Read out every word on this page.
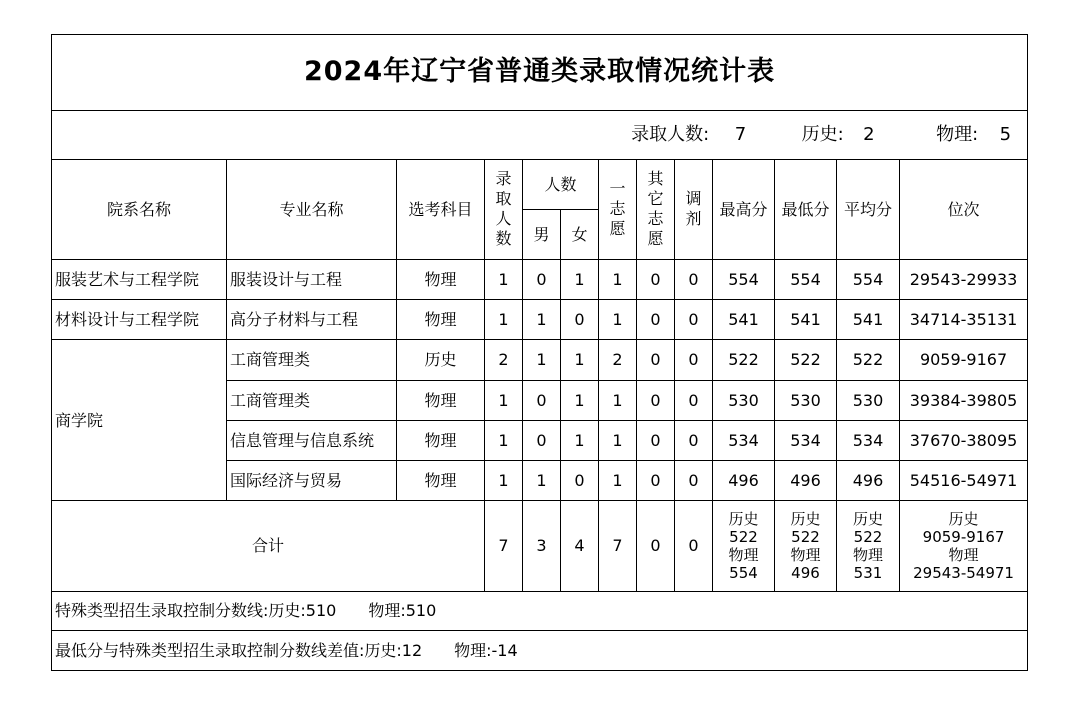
2024年辽宁省普通类录取情况统计表												
录取人数: 7 历史: 2 物理: 5												
院系名称	专业名称	选考科目	录
取
人
数	人数		一
志
愿	其
它
志
愿	调
剂	最高分	最低分	平均分	位次
				男	女							
服装艺术与工程学院	服装设计与工程	物理	1	0	1	1	0	0	554	554	554	29543-29933
材料设计与工程学院	高分子材料与工程	物理	1	1	0	1	0	0	541	541	541	34714-35131
商学院	工商管理类	历史	2	1	1	2	0	0	522	522	522	9059-9167
	工商管理类	物理	1	0	1	1	0	0	530	530	530	39384-39805
	信息管理与信息系统	物理	1	0	1	1	0	0	534	534	534	37670-38095
	国际经济与贸易	物理	1	1	0	1	0	0	496	496	496	54516-54971
合计			7	3	4	7	0	0	历史
522
物理
554	历史
522
物理
496	历史
522
物理
531	历史
9059-9167
物理
29543-54971

特殊类型招生录取控制分数线:历史:510　　物理:510												
最低分与特殊类型招生录取控制分数线差值:历史:12　　物理:-14												
